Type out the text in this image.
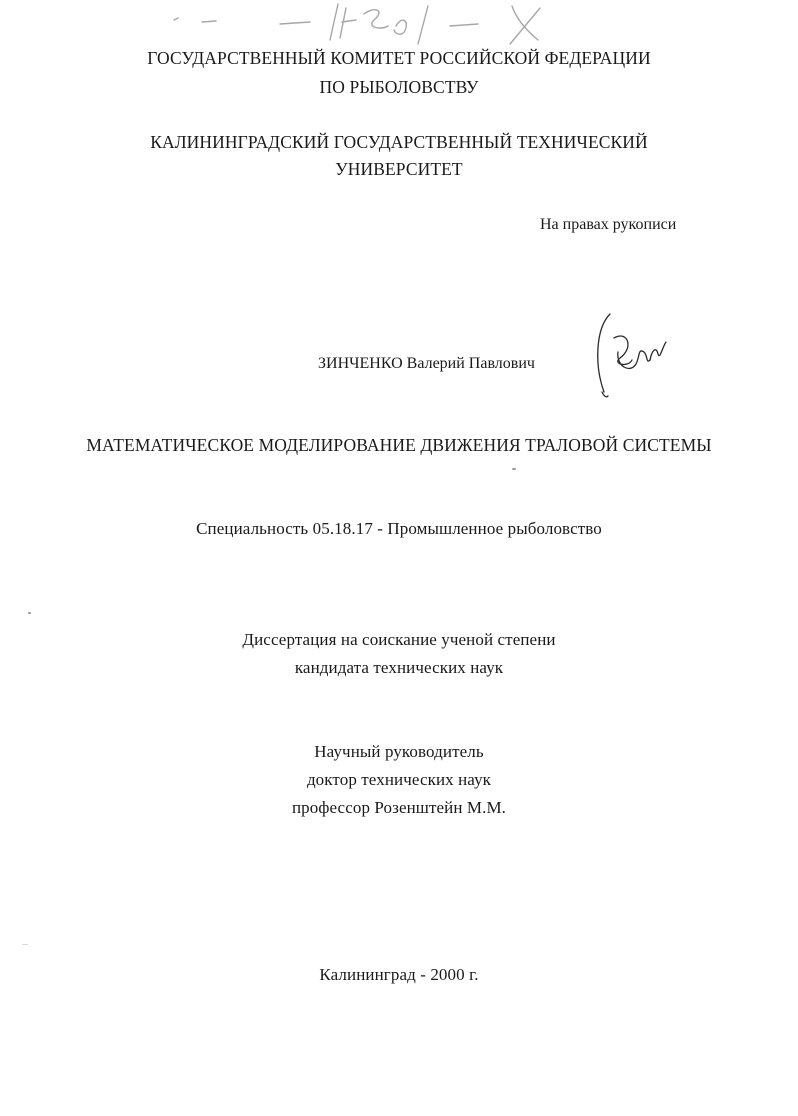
ГОСУДАРСТВЕННЫЙ КОМИТЕТ РОССИЙСКОЙ ФЕДЕРАЦИИ
ПО РЫБОЛОВСТВУ
КАЛИНИНГРАДСКИЙ ГОСУДАРСТВЕННЫЙ ТЕХНИЧЕСКИЙ
УНИВЕРСИТЕТ
На правах рукописи
ЗИНЧЕНКО Валерий Павлович
МАТЕМАТИЧЕСКОЕ МОДЕЛИРОВАНИЕ ДВИЖЕНИЯ ТРАЛОВОЙ СИСТЕМЫ
Специальность 05.18.17 - Промышленное рыболовство
Диссертация на соискание ученой степени
кандидата технических наук
Научный руководитель
доктор технических наук
профессор Розенштейн М.М.
Калининград - 2000 г.
